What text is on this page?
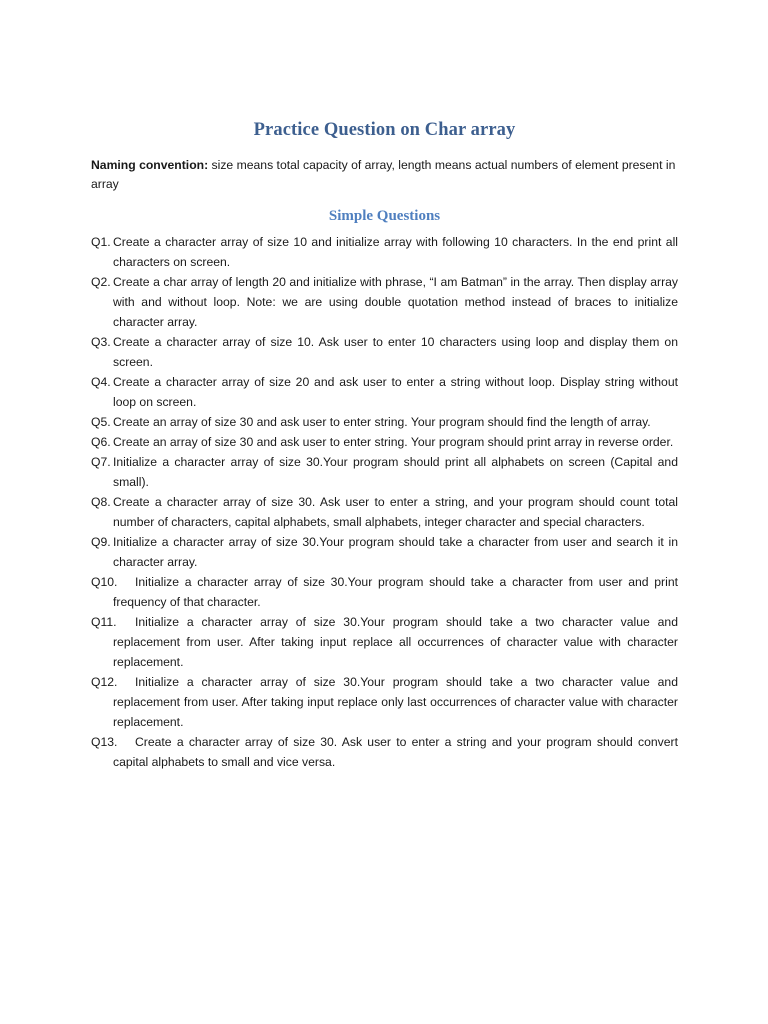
Practice Question on Char array

Naming convention: size means total capacity of array, length means actual numbers of element present in array

Simple Questions
Q1. Create a character array of size 10 and initialize array with following 10 characters. In the end print all characters on screen.
Q2. Create a char array of length 20 and initialize with phrase, “I am Batman” in the array. Then display array with and without loop. Note: we are using double quotation method instead of braces to initialize character array.
Q3. Create a character array of size 10. Ask user to enter 10 characters using loop and display them on screen.
Q4. Create a character array of size 20 and ask user to enter a string without loop. Display string without loop on screen.
Q5. Create an array of size 30 and ask user to enter string. Your program should find the length of array.
Q6. Create an array of size 30 and ask user to enter string. Your program should print array in reverse order.
Q7. Initialize a character array of size 30.Your program should print all alphabets on screen (Capital and small).
Q8. Create a character array of size 30. Ask user to enter a string, and your program should count total number of characters, capital alphabets, small alphabets, integer character and special characters.
Q9. Initialize a character array of size 30.Your program should take a character from user and search it in character array.
Q10.	Initialize a character array of size 30.Your program should take a character from user and print frequency of that character.
Q11.	Initialize a character array of size 30.Your program should take a two character value and replacement from user. After taking input replace all occurrences of character value with character replacement.
Q12.	Initialize a character array of size 30.Your program should take a two character value and replacement from user. After taking input replace only last occurrences of character value with character replacement.
Q13.	Create a character array of size 30. Ask user to enter a string and your program should convert capital alphabets to small and vice versa.
